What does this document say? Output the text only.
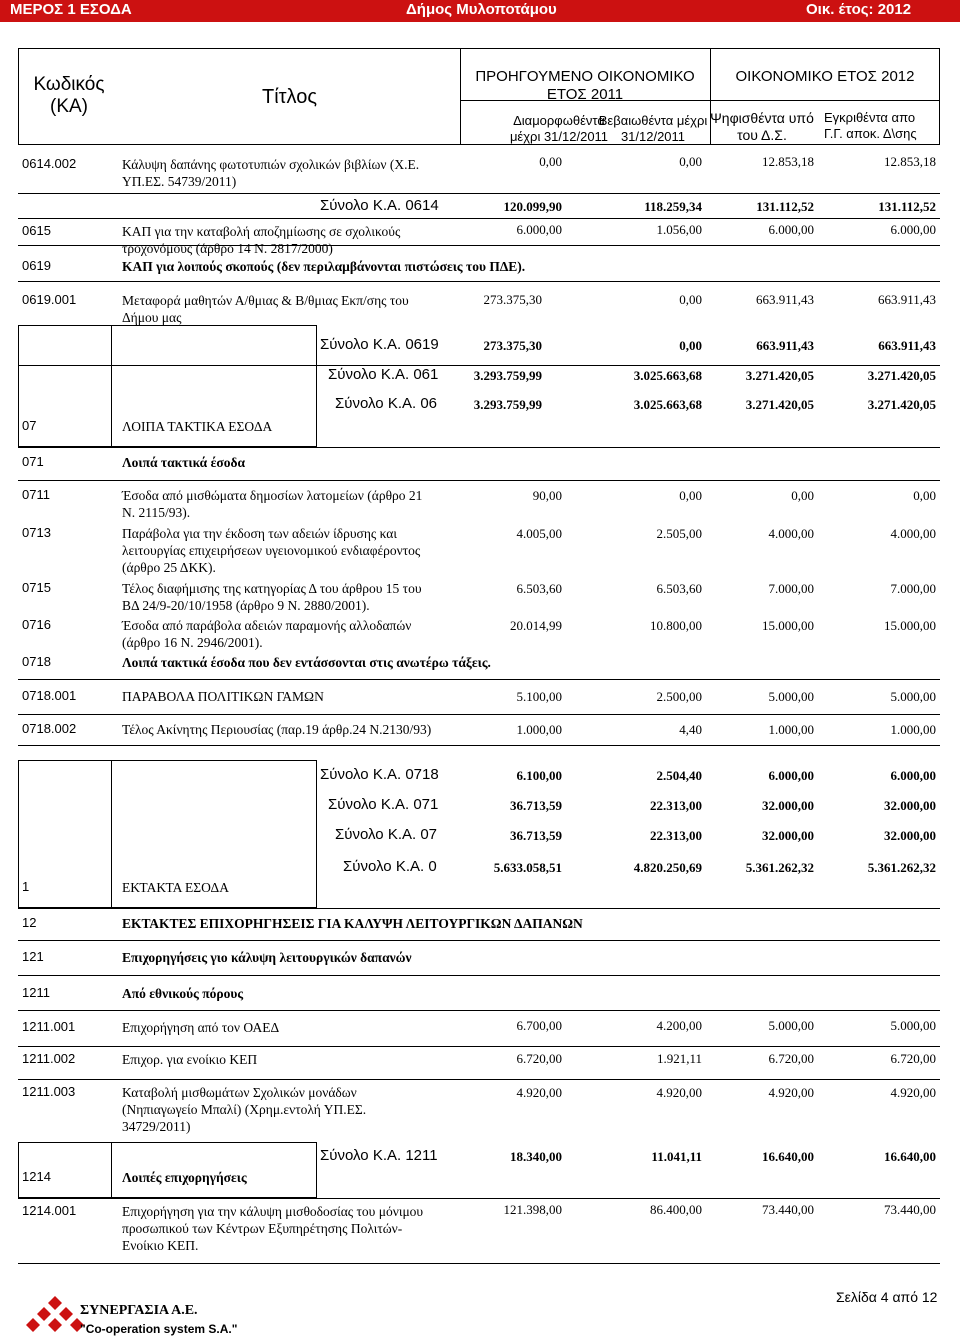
ΜΕΡΟΣ 1 ΕΣΟΔΑ	Δήμος Μυλοποτάμου	Οικ. έτος: 2012
Κωδικός
(ΚΑ)	Τίτλος
ΠΡΟΗΓΟΥΜΕΝΟ ΟΙΚΟΝΟΜΙΚΟ
ΕΤΟΣ 2011
ΟΙΚΟΝΟΜΙΚΟ ΕΤΟΣ 2012
Διαμορφωθέντα
μέχρι 31/12/2011
Βεβαιωθέντα μέχρι
31/12/2011
Ψηφισθέντα υπό
του Δ.Σ.
Εγκριθέντα απο
Γ.Γ. αποκ. Δ\σης
0614.002	Κάλυψη δαπάνης φωτοτυπιών σχολικών βιβλίων (Χ.Ε.
ΥΠ.ΕΣ. 54739/2011)
0,00	0,00	12.853,18	12.853,18
Σύνολο Κ.Α. 0614	120.099,90	118.259,34	131.112,52	131.112,52
0615	ΚΑΠ για την καταβολή αποζημίωσης σε σχολικούς
τροχονόμους (άρθρο 14 Ν. 2817/2000)
6.000,00	1.056,00	6.000,00	6.000,00
0619	ΚΑΠ για λοιπούς σκοπούς (δεν περιλαμβάνονται πιστώσεις του ΠΔΕ).
0619.001	Μεταφορά μαθητών Α/θμιας & Β/θμιας Εκπ/σης του
Δήμου μας
273.375,30	0,00	663.911,43	663.911,43
Σύνολο Κ.Α. 0619	273.375,30	0,00	663.911,43	663.911,43
Σύνολο Κ.Α. 061	3.293.759,99	3.025.663,68	3.271.420,05	3.271.420,05
Σύνολο Κ.Α. 06	3.293.759,99	3.025.663,68	3.271.420,05	3.271.420,05
07	ΛΟΙΠΑ ΤΑΚΤΙΚΑ ΕΣΟΔΑ
071	Λοιπά τακτικά έσοδα
0711	Έσοδα από μισθώματα δημοσίων λατομείων (άρθρο 21
Ν. 2115/93).
90,00	0,00	0,00	0,00
0713	Παράβολα για την έκδοση των αδειών ίδρυσης και
λειτουργίας επιχειρήσεων υγειονομικού ενδιαφέροντος
(άρθρο 25 ΔΚΚ).
4.005,00	2.505,00	4.000,00	4.000,00
0715	Τέλος διαφήμισης της κατηγορίας Δ του άρθρου 15 του
ΒΔ 24/9-20/10/1958 (άρθρο 9 Ν. 2880/2001).
6.503,60	6.503,60	7.000,00	7.000,00
0716	Έσοδα από παράβολα αδειών παραμονής αλλοδαπών
(άρθρο 16 Ν. 2946/2001).
20.014,99	10.800,00	15.000,00	15.000,00
0718	Λοιπά τακτικά έσοδα που δεν εντάσσονται στις ανωτέρω τάξεις.
0718.001	ΠΑΡΑΒΟΛΑ ΠΟΛΙΤΙΚΩΝ ΓΑΜΩΝ	5.100,00	2.500,00	5.000,00	5.000,00
0718.002	Τέλος Ακίνητης Περιουσίας (παρ.19 άρθρ.24 Ν.2130/93)	1.000,00	4,40	1.000,00	1.000,00
Σύνολο Κ.Α. 0718	6.100,00	2.504,40	6.000,00	6.000,00
Σύνολο Κ.Α. 071	36.713,59	22.313,00	32.000,00	32.000,00
Σύνολο Κ.Α. 07	36.713,59	22.313,00	32.000,00	32.000,00
Σύνολο Κ.Α. 0	5.633.058,51	4.820.250,69	5.361.262,32	5.361.262,32
1	ΕΚΤΑΚΤΑ ΕΣΟΔΑ
12	ΕΚΤΑΚΤΕΣ ΕΠΙΧΟΡΗΓΗΣΕΙΣ ΓΙΑ ΚΑΛΥΨΗ ΛΕΙΤΟΥΡΓΙΚΩΝ ΔΑΠΑΝΩΝ
121	Επιχορηγήσεις γιο κάλυψη λειτουργικών δαπανών
1211	Από εθνικούς πόρους
1211.001	Επιχορήγηση από τον ΟΑΕΔ	6.700,00	4.200,00	5.000,00	5.000,00
1211.002	Επιχορ. για ενοίκιο ΚΕΠ	6.720,00	1.921,11	6.720,00	6.720,00
1211.003	Καταβολή μισθωμάτων Σχολικών μονάδων
(Νηπιαγωγείο Μπαλί) (Χρημ.εντολή ΥΠ.ΕΣ.
34729/2011)
4.920,00	4.920,00	4.920,00	4.920,00
Σύνολο Κ.Α. 1211	18.340,00	11.041,11	16.640,00	16.640,00
1214	Λοιπές επιχορηγήσεις
1214.001	Επιχορήγηση για την κάλυψη μισθοδοσίας του μόνιμου
προσωπικού των Κέντρων Εξυπηρέτησης Πολιτών-
Ενοίκιο ΚΕΠ.
121.398,00	86.400,00	73.440,00	73.440,00
ΣΥΝΕΡΓΑΣΙΑ Α.Ε.
"Co-operation system S.A."
Σελίδα 4 από 12
